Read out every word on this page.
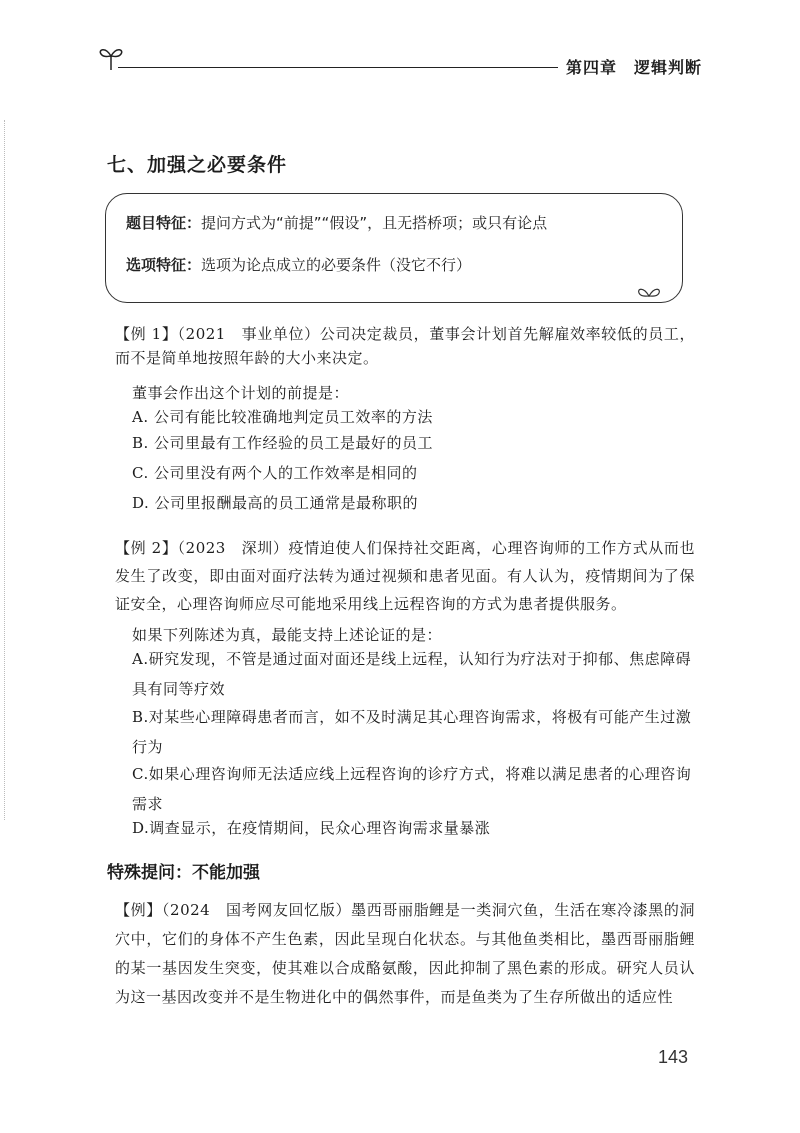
第四章　逻辑判断
七、加强之必要条件
题目特征：提问方式为“前提”“假设”，且无搭桥项；或只有论点
选项特征：选项为论点成立的必要条件（没它不行）
【例 1】（2021　事业单位）公司决定裁员，董事会计划首先解雇效率较低的员工，而不是简单地按照年龄的大小来决定。
董事会作出这个计划的前提是：
A. 公司有能比较准确地判定员工效率的方法
B. 公司里最有工作经验的员工是最好的员工
C. 公司里没有两个人的工作效率是相同的
D. 公司里报酬最高的员工通常是最称职的
【例 2】（2023　深圳）疫情迫使人们保持社交距离，心理咨询师的工作方式从而也发生了改变，即由面对面疗法转为通过视频和患者见面。有人认为，疫情期间为了保证安全，心理咨询师应尽可能地采用线上远程咨询的方式为患者提供服务。
如果下列陈述为真，最能支持上述论证的是：
A.研究发现，不管是通过面对面还是线上远程，认知行为疗法对于抑郁、焦虑障碍具有同等疗效
B.对某些心理障碍患者而言，如不及时满足其心理咨询需求，将极有可能产生过激行为
C.如果心理咨询师无法适应线上远程咨询的诊疗方式，将难以满足患者的心理咨询需求
D.调查显示，在疫情期间，民众心理咨询需求量暴涨
特殊提问：不能加强
【例】（2024　国考网友回忆版）墨西哥丽脂鲤是一类洞穴鱼，生活在寒冷漆黑的洞穴中，它们的身体不产生色素，因此呈现白化状态。与其他鱼类相比，墨西哥丽脂鲤的某一基因发生突变，使其难以合成酪氨酸，因此抑制了黑色素的形成。研究人员认为这一基因改变并不是生物进化中的偶然事件，而是鱼类为了生存所做出的适应性
143
